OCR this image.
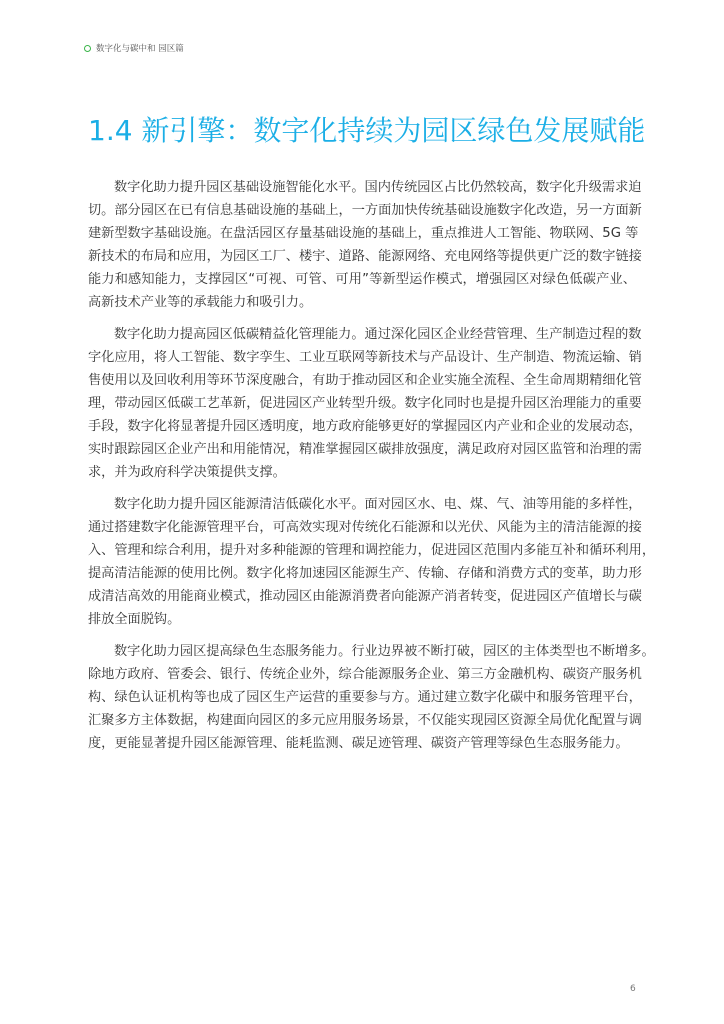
数字化与碳中和 园区篇
1.4 新引擎：数字化持续为园区绿色发展赋能
数字化助力提升园区基础设施智能化水平。国内传统园区占比仍然较高，数字化升级需求迫
切。部分园区在已有信息基础设施的基础上，一方面加快传统基础设施数字化改造，另一方面新
建新型数字基础设施。在盘活园区存量基础设施的基础上，重点推进人工智能、物联网、5G 等
新技术的布局和应用，为园区工厂、楼宇、道路、能源网络、充电网络等提供更广泛的数字链接
能力和感知能力，支撑园区“可视、可管、可用”等新型运作模式，增强园区对绿色低碳产业、
高新技术产业等的承载能力和吸引力。
数字化助力提高园区低碳精益化管理能力。通过深化园区企业经营管理、生产制造过程的数
字化应用，将人工智能、数字孪生、工业互联网等新技术与产品设计、生产制造、物流运输、销
售使用以及回收利用等环节深度融合，有助于推动园区和企业实施全流程、全生命周期精细化管
理，带动园区低碳工艺革新，促进园区产业转型升级。数字化同时也是提升园区治理能力的重要
手段，数字化将显著提升园区透明度，地方政府能够更好的掌握园区内产业和企业的发展动态，
实时跟踪园区企业产出和用能情况，精准掌握园区碳排放强度，满足政府对园区监管和治理的需
求，并为政府科学决策提供支撑。
数字化助力提升园区能源清洁低碳化水平。面对园区水、电、煤、气、油等用能的多样性，
通过搭建数字化能源管理平台，可高效实现对传统化石能源和以光伏、风能为主的清洁能源的接
入、管理和综合利用，提升对多种能源的管理和调控能力，促进园区范围内多能互补和循环利用，
提高清洁能源的使用比例。数字化将加速园区能源生产、传输、存储和消费方式的变革，助力形
成清洁高效的用能商业模式，推动园区由能源消费者向能源产消者转变，促进园区产值增长与碳
排放全面脱钩。
数字化助力园区提高绿色生态服务能力。行业边界被不断打破，园区的主体类型也不断增多。
除地方政府、管委会、银行、传统企业外，综合能源服务企业、第三方金融机构、碳资产服务机
构、绿色认证机构等也成了园区生产运营的重要参与方。通过建立数字化碳中和服务管理平台，
汇聚多方主体数据，构建面向园区的多元应用服务场景，不仅能实现园区资源全局优化配置与调
度，更能显著提升园区能源管理、能耗监测、碳足迹管理、碳资产管理等绿色生态服务能力。
6
